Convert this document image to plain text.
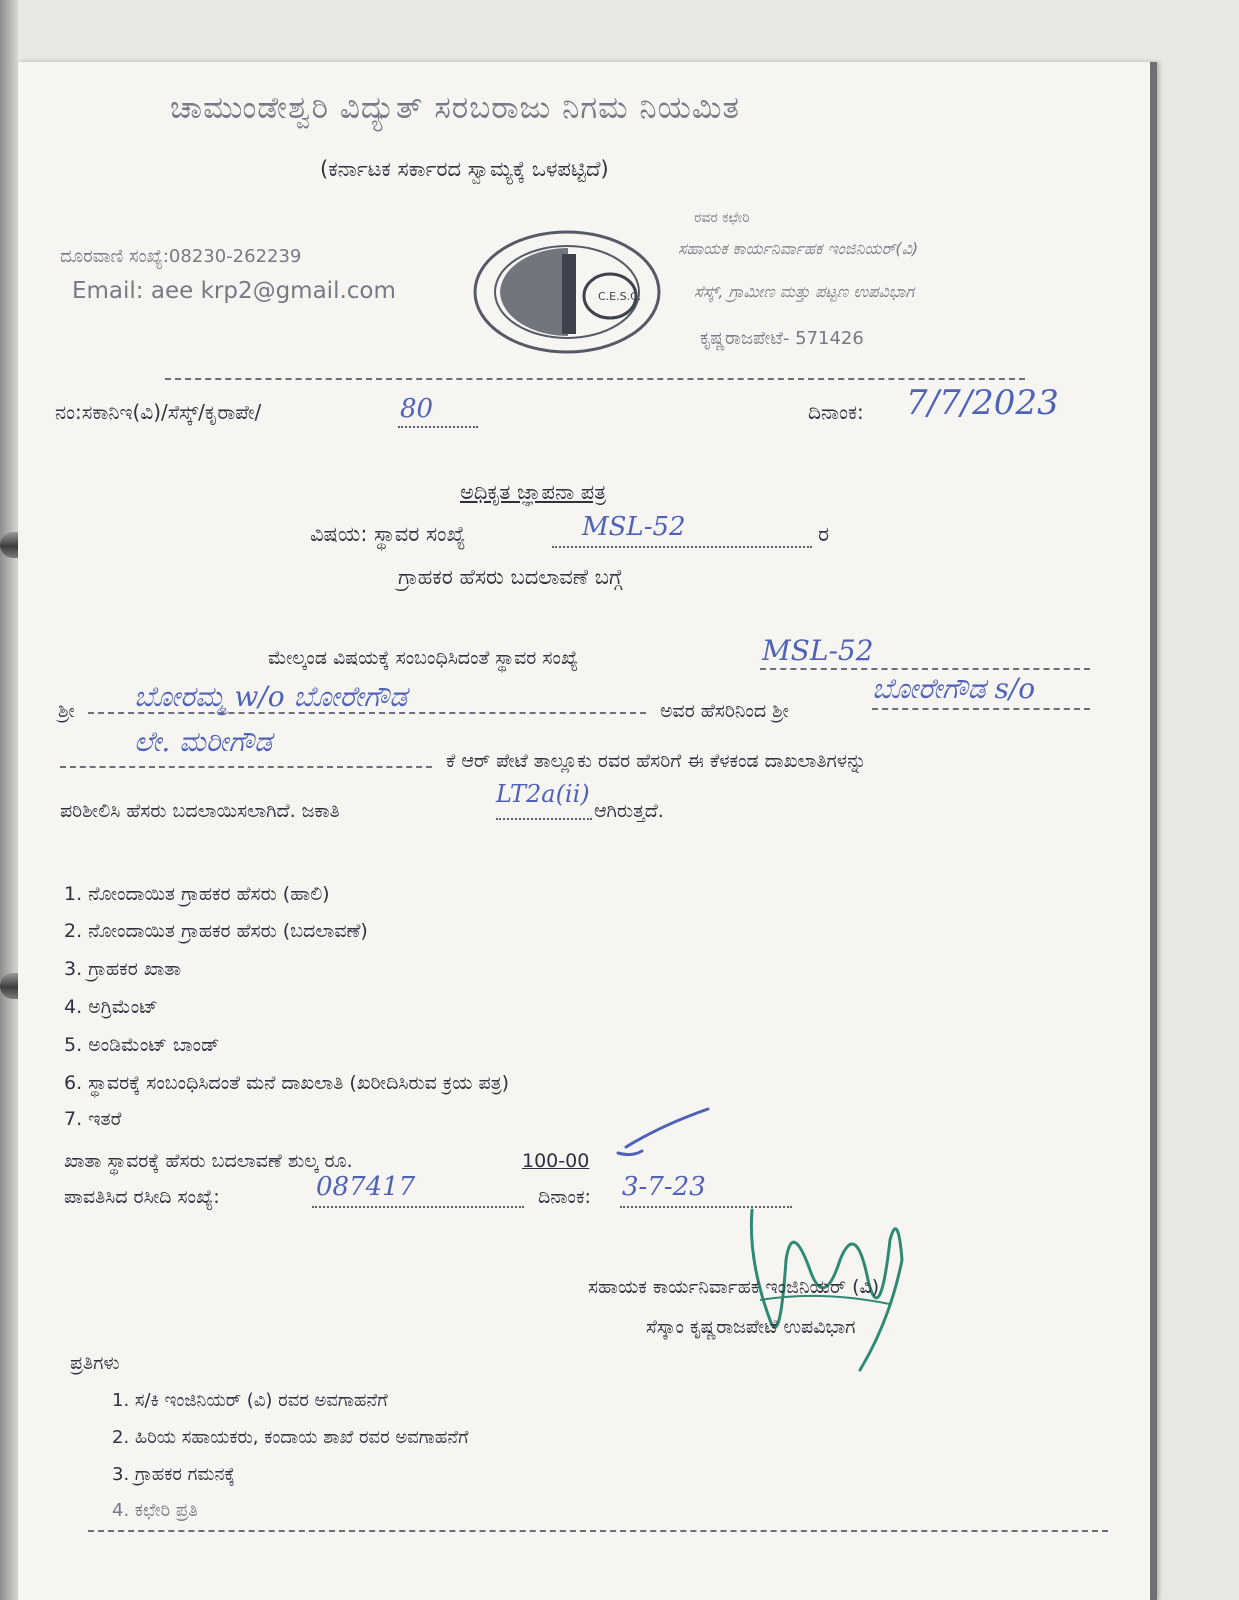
ಚಾಮುಂಡೇಶ್ವರಿ ವಿದ್ಯುತ್ ಸರಬರಾಜು ನಿಗಮ ನಿಯಮಿತ
(ಕರ್ನಾಟಕ ಸರ್ಕಾರದ ಸ್ವಾಮ್ಯಕ್ಕೆ ಒಳಪಟ್ಟಿದೆ)
ದೂರವಾಣಿ ಸಂಖ್ಯೆ:08230-262239
Email: aee krp2@gmail.com	C.E.S.C.
ರವರ ಕಛೇರಿ
ಸಹಾಯಕ ಕಾರ್ಯನಿರ್ವಾಹಕ ಇಂಜಿನಿಯರ್(ವಿ)
ಸೆಸ್ಕ್, ಗ್ರಾಮೀಣ ಮತ್ತು ಪಟ್ಟಣ ಉಪವಿಭಾಗ
ಕೃಷ್ಣರಾಜಪೇಟೆ- 571426
ನಂ:ಸಕಾನಿಇ(ವಿ)/ಸೆಸ್ಕ್/ಕೃರಾಪೇ/	80	ದಿನಾಂಕ: 7/7/2023
ಅಧಿಕೃತ ಜ್ಞಾಪನಾ ಪತ್ರ
ವಿಷಯ: ಸ್ಥಾವರ ಸಂಖ್ಯೆ	MSL-52	ರ
ಗ್ರಾಹಕರ ಹೆಸರು ಬದಲಾವಣೆ ಬಗ್ಗೆ
ಮೇಲ್ಕಂಡ ವಿಷಯಕ್ಕೆ ಸಂಬಂಧಿಸಿದಂತೆ ಸ್ಥಾವರ ಸಂಖ್ಯೆ	MSL-52
ಶ್ರೀ ಬೋರಮ್ಮ w/o ಬೋರೇಗೌಡ	ಅವರ ಹೆಸರಿನಿಂದ ಶ್ರೀ
ಬೋರೇಗೌಡ s/o
ಲೇ. ಮರೀಗೌಡ
ಕೆ ಆರ್ ಪೇಟೆ ತಾಲ್ಲೂಕು ರವರ ಹೆಸರಿಗೆ ಈ ಕೆಳಕಂಡ ದಾಖಲಾತಿಗಳನ್ನು
ಪರಿಶೀಲಿಸಿ ಹೆಸರು ಬದಲಾಯಿಸಲಾಗಿದೆ. ಜಕಾತಿ
LT2a(ii)
ಆಗಿರುತ್ತದೆ.
1. ನೋಂದಾಯಿತ ಗ್ರಾಹಕರ ಹೆಸರು (ಹಾಲಿ)
2. ನೋಂದಾಯಿತ ಗ್ರಾಹಕರ ಹೆಸರು (ಬದಲಾವಣೆ)
3. ಗ್ರಾಹಕರ ಖಾತಾ
4. ಅಗ್ರಿಮೆಂಟ್
5. ಅಂಡಿಮೆಂಟ್ ಬಾಂಡ್
6. ಸ್ಥಾವರಕ್ಕೆ ಸಂಬಂಧಿಸಿದಂತೆ ಮನೆ ದಾಖಲಾತಿ (ಖರೀದಿಸಿರುವ ಕ್ರಯ ಪತ್ರ)
7. ಇತರೆ
ಖಾತಾ ಸ್ಥಾವರಕ್ಕೆ ಹೆಸರು ಬದಲಾವಣೆ ಶುಲ್ಕ ರೂ.	100-00
ಪಾವತಿಸಿದ ರಸೀದಿ ಸಂಖ್ಯೆ:	087417	ದಿನಾಂಕ: 3-7-23
ಸಹಾಯಕ ಕಾರ್ಯನಿರ್ವಾಹಕ ಇಂಜಿನಿಯರ್ (ವಿ)
ಸೆಸ್ಕಾಂ ಕೃಷ್ಣರಾಜಪೇಟೆ ಉಪವಿಭಾಗ
ಪ್ರತಿಗಳು
1. ಸ/ಕಿ ಇಂಜಿನಿಯರ್ (ವಿ) ರವರ ಅವಗಾಹನೆಗೆ
2. ಹಿರಿಯ ಸಹಾಯಕರು, ಕಂದಾಯ ಶಾಖೆ ರವರ ಅವಗಾಹನೆಗೆ
3. ಗ್ರಾಹಕರ ಗಮನಕ್ಕೆ
4. ಕಛೇರಿ ಪ್ರತಿ
